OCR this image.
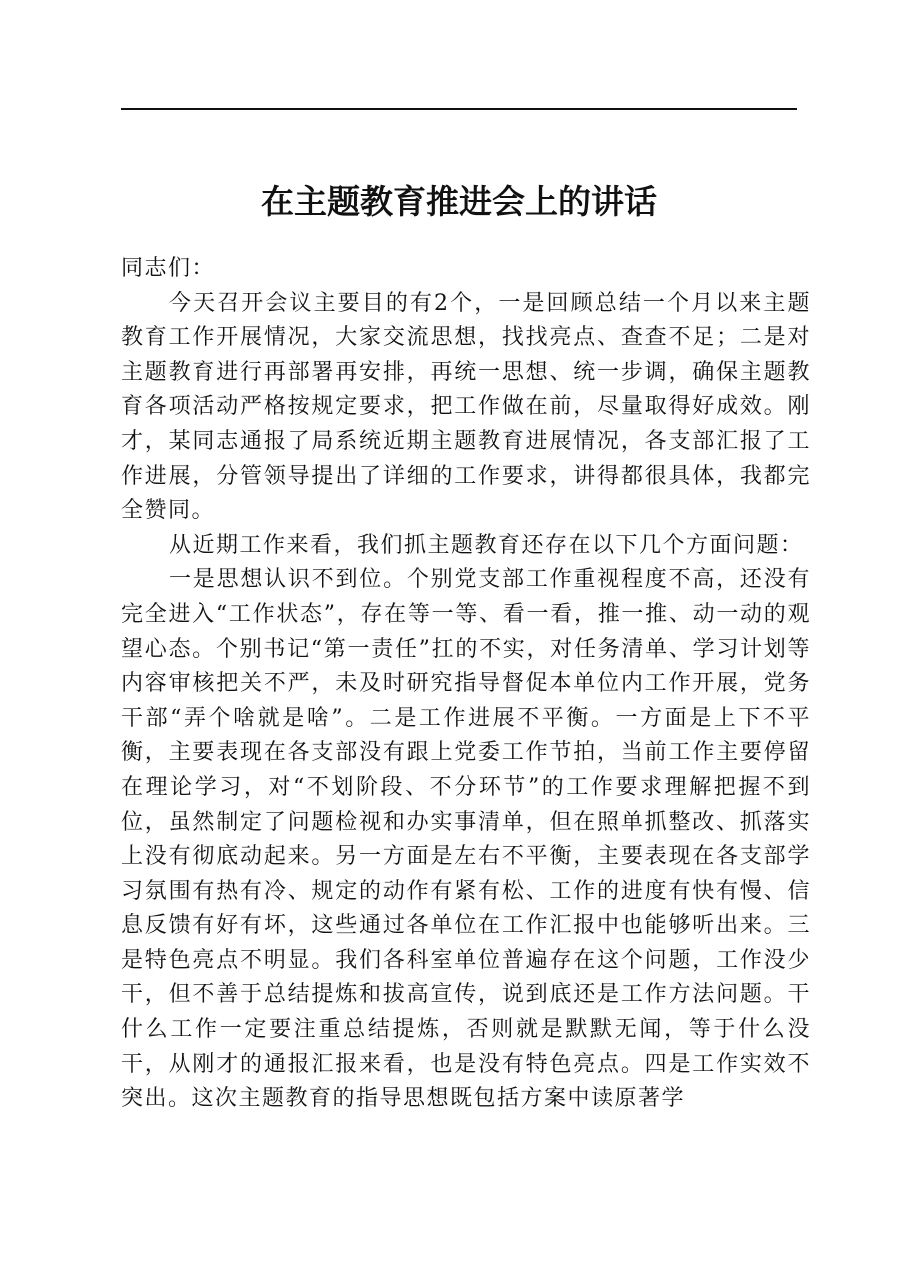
在主题教育推进会上的讲话

同志们：

今天召开会议主要目的有2个，一是回顾总结一个月以来主题教育工作开展情况，大家交流思想，找找亮点、查查不足；二是对主题教育进行再部署再安排，再统一思想、统一步调，确保主题教育各项活动严格按规定要求，把工作做在前，尽量取得好成效。刚才，某同志通报了局系统近期主题教育进展情况，各支部汇报了工作进展，分管领导提出了详细的工作要求，讲得都很具体，我都完全赞同。

从近期工作来看，我们抓主题教育还存在以下几个方面问题：

一是思想认识不到位。个别党支部工作重视程度不高，还没有完全进入“工作状态”，存在等一等、看一看，推一推、动一动的观望心态。个别书记“第一责任”扛的不实，对任务清单、学习计划等内容审核把关不严，未及时研究指导督促本单位内工作开展，党务干部“弄个啥就是啥”。二是工作进展不平衡。一方面是上下不平衡，主要表现在各支部没有跟上党委工作节拍，当前工作主要停留在理论学习，对“不划阶段、不分环节”的工作要求理解把握不到位，虽然制定了问题检视和办实事清单，但在照单抓整改、抓落实上没有彻底动起来。另一方面是左右不平衡，主要表现在各支部学习氛围有热有冷、规定的动作有紧有松、工作的进度有快有慢、信息反馈有好有坏，这些通过各单位在工作汇报中也能够听出来。三是特色亮点不明显。我们各科室单位普遍存在这个问题，工作没少干，但不善于总结提炼和拔高宣传，说到底还是工作方法问题。干什么工作一定要注重总结提炼，否则就是默默无闻，等于什么没干，从刚才的通报汇报来看，也是没有特色亮点。四是工作实效不突出。这次主题教育的指导思想既包括方案中读原著学
